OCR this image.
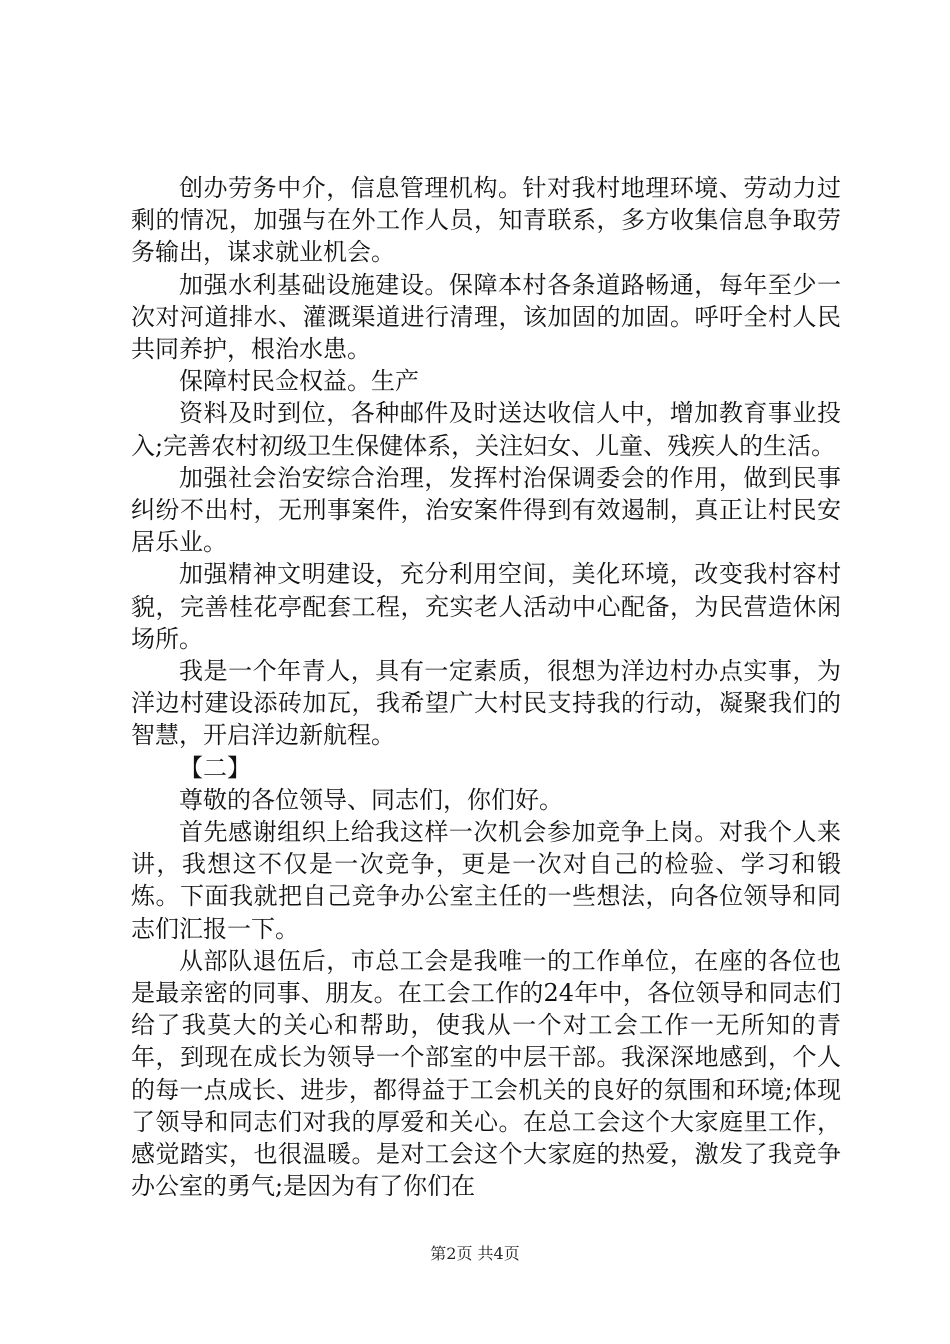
创办劳务中介，信息管理机构。针对我村地理环境、劳动力过剩的情况，加强与在外工作人员，知青联系，多方收集信息争取劳务输出，谋求就业机会。

加强水利基础设施建设。保障本村各条道路畅通，每年至少一次对河道排水、灌溉渠道进行清理，该加固的加固。呼吁全村人民共同养护，根治水患。

保障村民佥权益。生产

资料及时到位，各种邮件及时送达收信人中，增加教育事业投入;完善农村初级卫生保健体系，关注妇女、儿童、残疾人的生活。

加强社会治安综合治理，发挥村治保调委会的作用，做到民事纠纷不出村，无刑事案件，治安案件得到有效遏制，真正让村民安居乐业。

加强精神文明建设，充分利用空间，美化环境，改变我村容村貌，完善桂花亭配套工程，充实老人活动中心配备，为民营造休闲场所。

我是一个年青人，具有一定素质，很想为洋边村办点实事，为洋边村建设添砖加瓦，我希望广大村民支持我的行动，凝聚我们的智慧，开启洋边新航程。

【二】

尊敬的各位领导、同志们，你们好。

首先感谢组织上给我这样一次机会参加竞争上岗。对我个人来讲，我想这不仅是一次竞争，更是一次对自己的检验、学习和锻炼。下面我就把自己竞争办公室主任的一些想法，向各位领导和同志们汇报一下。

从部队退伍后，市总工会是我唯一的工作单位，在座的各位也是最亲密的同事、朋友。在工会工作的24年中，各位领导和同志们给了我莫大的关心和帮助，使我从一个对工会工作一无所知的青年，到现在成长为领导一个部室的中层干部。我深深地感到，个人的每一点成长、进步，都得益于工会机关的良好的氛围和环境;体现了领导和同志们对我的厚爱和关心。在总工会这个大家庭里工作，感觉踏实，也很温暖。是对工会这个大家庭的热爱，激发了我竞争办公室的勇气;是因为有了你们在

第2页 共4页
